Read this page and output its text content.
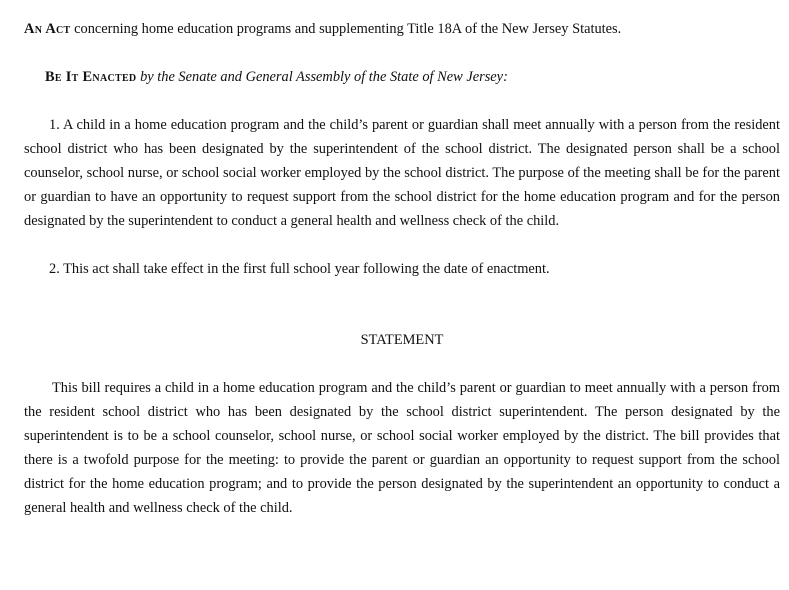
An Act concerning home education programs and supplementing Title 18A of the New Jersey Statutes.

Be It Enacted by the Senate and General Assembly of the State of New Jersey:

1. A child in a home education program and the child’s parent or guardian shall meet annually with a person from the resident school district who has been designated by the superintendent of the school district. The designated person shall be a school counselor, school nurse, or school social worker employed by the school district. The purpose of the meeting shall be for the parent or guardian to have an opportunity to request support from the school district for the home education program and for the person designated by the superintendent to conduct a general health and wellness check of the child.

2. This act shall take effect in the first full school year following the date of enactment.

STATEMENT

This bill requires a child in a home education program and the child’s parent or guardian to meet annually with a person from the resident school district who has been designated by the school district superintendent. The person designated by the superintendent is to be a school counselor, school nurse, or school social worker employed by the district. The bill provides that there is a twofold purpose for the meeting: to provide the parent or guardian an opportunity to request support from the school district for the home education program; and to provide the person designated by the superintendent an opportunity to conduct a general health and wellness check of the child.
